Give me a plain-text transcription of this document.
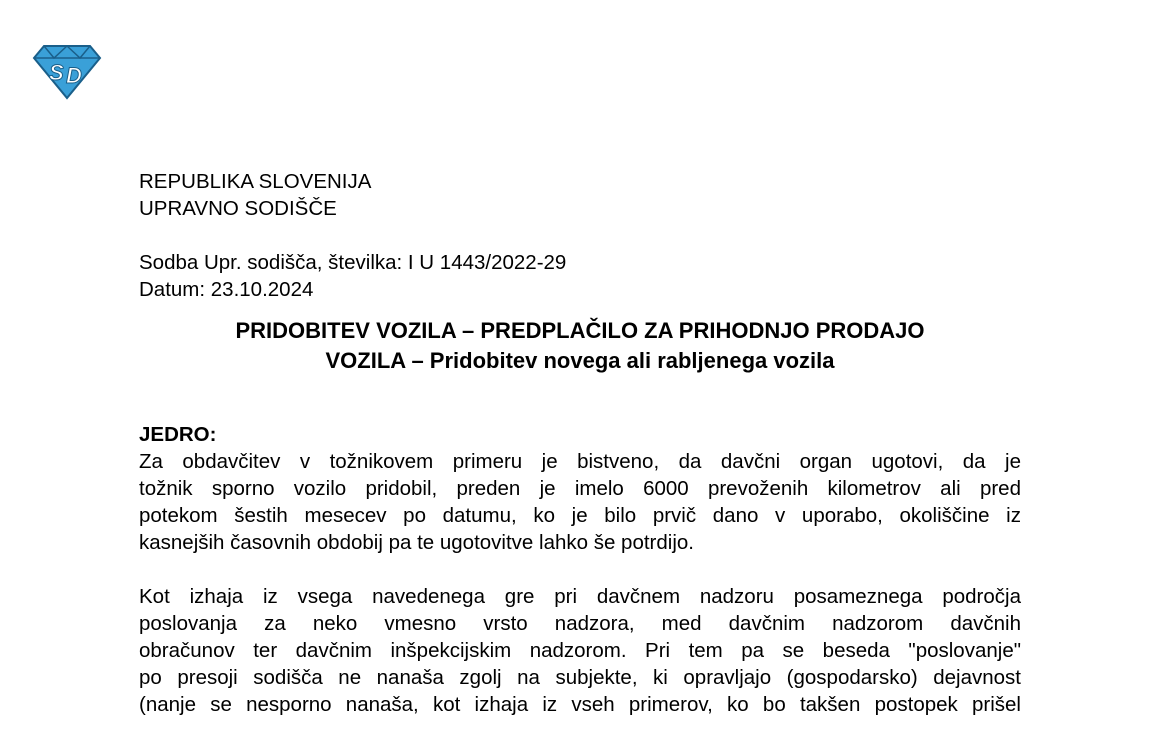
S D
REPUBLIKA SLOVENIJA
UPRAVNO SODIŠČE
Sodba Upr. sodišča, številka: I U 1443/2022-29
Datum: 23.10.2024
PRIDOBITEV VOZILA – PREDPLAČILO ZA PRIHODNJO PRODAJO
VOZILA – Pridobitev novega ali rabljenega vozila
JEDRO:
Za obdavčitev v tožnikovem primeru je bistveno, da davčni organ ugotovi, da je
tožnik sporno vozilo pridobil, preden je imelo 6000 prevoženih kilometrov ali pred
potekom šestih mesecev po datumu, ko je bilo prvič dano v uporabo, okoliščine iz
kasnejših časovnih obdobij pa te ugotovitve lahko še potrdijo.
Kot izhaja iz vsega navedenega gre pri davčnem nadzoru posameznega področja
poslovanja za neko vmesno vrsto nadzora, med davčnim nadzorom davčnih
obračunov ter davčnim inšpekcijskim nadzorom. Pri tem pa se beseda "poslovanje"
po presoji sodišča ne nanaša zgolj na subjekte, ki opravljajo (gospodarsko) dejavnost
(nanje se nesporno nanaša, kot izhaja iz vseh primerov, ko bo takšen postopek prišel
